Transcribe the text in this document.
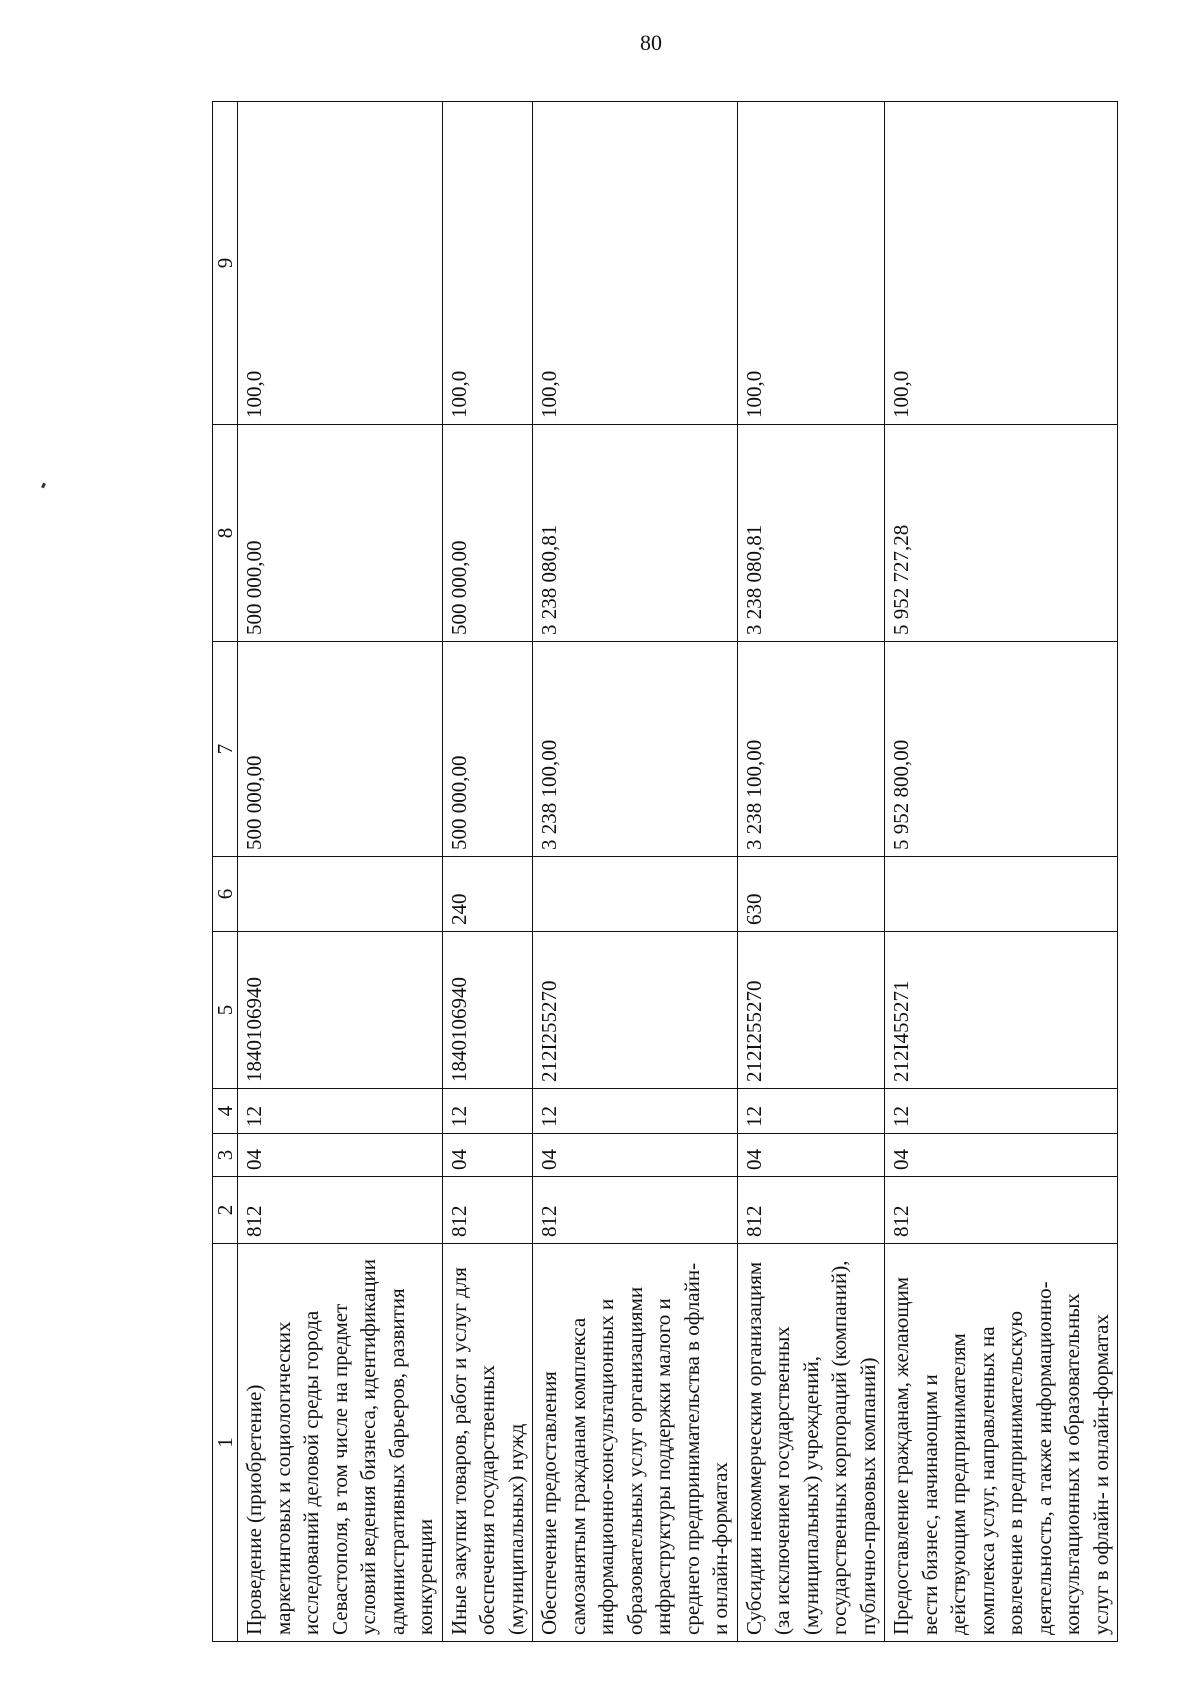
80
1	2	3	4	5	6	7	8	9
Проведение (приобретение) маркетинговых и социологических исследований деловой среды города Севастополя, в том числе на предмет условий ведения бизнеса, идентификации административных барьеров, развития конкуренции	812	04	12	1840106940		500 000,00	500 000,00	100,0
Иные закупки товаров, работ и услуг для обеспечения государственных (муниципальных) нужд	812	04	12	1840106940	240	500 000,00	500 000,00	100,0
Обеспечение предоставления самозанятым гражданам комплекса информационно-консультационных и образовательных услуг организациями инфраструктуры поддержки малого и среднего предпринимательства в офлайн- и онлайн-форматах	812	04	12	212I255270		3 238 100,00	3 238 080,81	100,0
Субсидии некоммерческим организациям (за исключением государственных (муниципальных) учреждений, государственных корпораций (компаний), публично-правовых компаний)	812	04	12	212I255270	630	3 238 100,00	3 238 080,81	100,0
Предоставление гражданам, желающим вести бизнес, начинающим и действующим предпринимателям комплекса услуг, направленных на вовлечение в предпринимательскую деятельность, а также информационно-консультационных и образовательных услуг в офлайн- и онлайн-форматах	812	04	12	212I455271		5 952 800,00	5 952 727,28	100,0
